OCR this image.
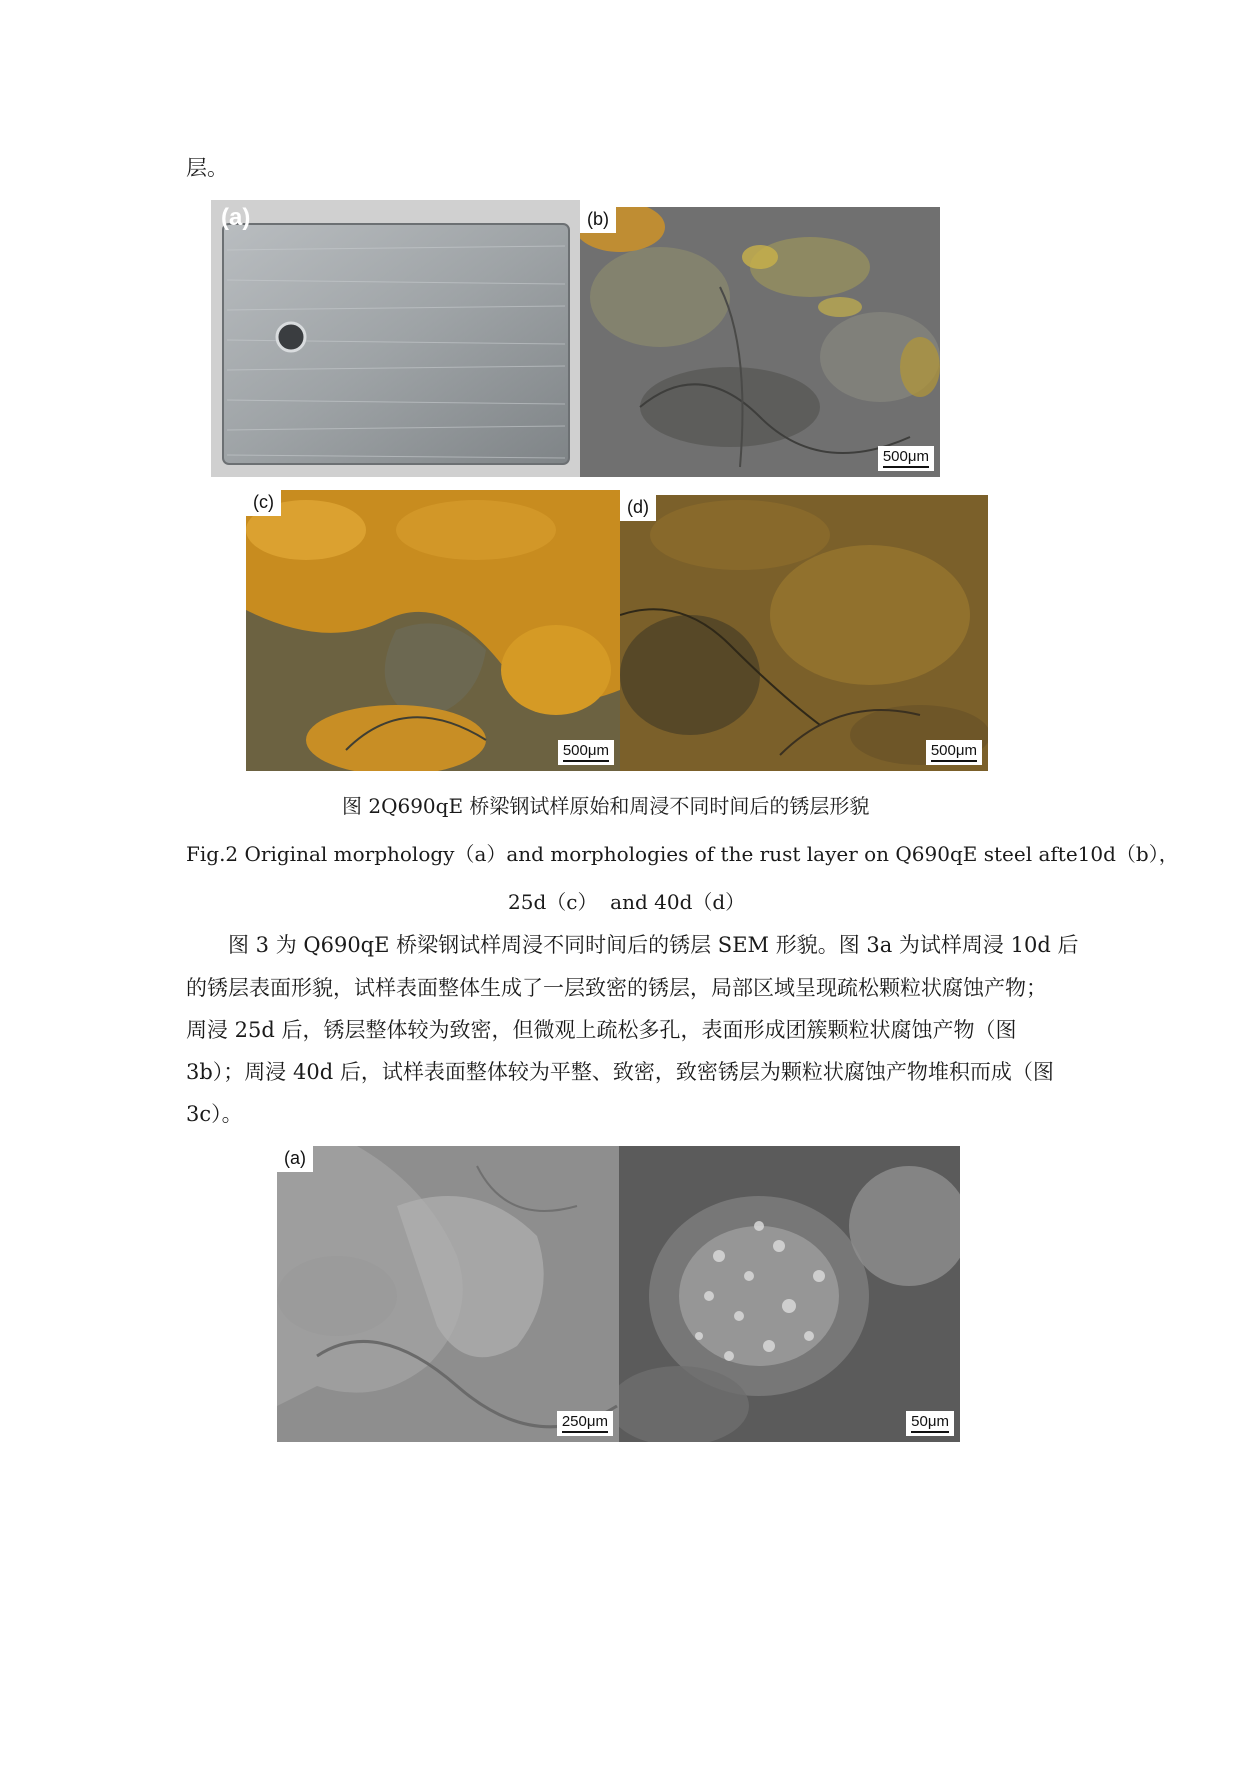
层。
(a)	(b)
500μm
(c)
500μm
(d)
500μm
图 2Q690qE 桥梁钢试样原始和周浸不同时间后的锈层形貌
Fig.2 Original morphology（a）and morphologies of the rust layer on Q690qE steel afte10d（b），
25d（c）  and 40d（d）
图 3 为 Q690qE 桥梁钢试样周浸不同时间后的锈层 SEM 形貌。图 3a 为试样周浸 10d 后
的锈层表面形貌，试样表面整体生成了一层致密的锈层，局部区域呈现疏松颗粒状腐蚀产物；
周浸 25d 后，锈层整体较为致密，但微观上疏松多孔，表面形成团簇颗粒状腐蚀产物（图
3b）；周浸 40d 后，试样表面整体较为平整、致密，致密锈层为颗粒状腐蚀产物堆积而成（图
3c）。
(a)
250μm	50μm
